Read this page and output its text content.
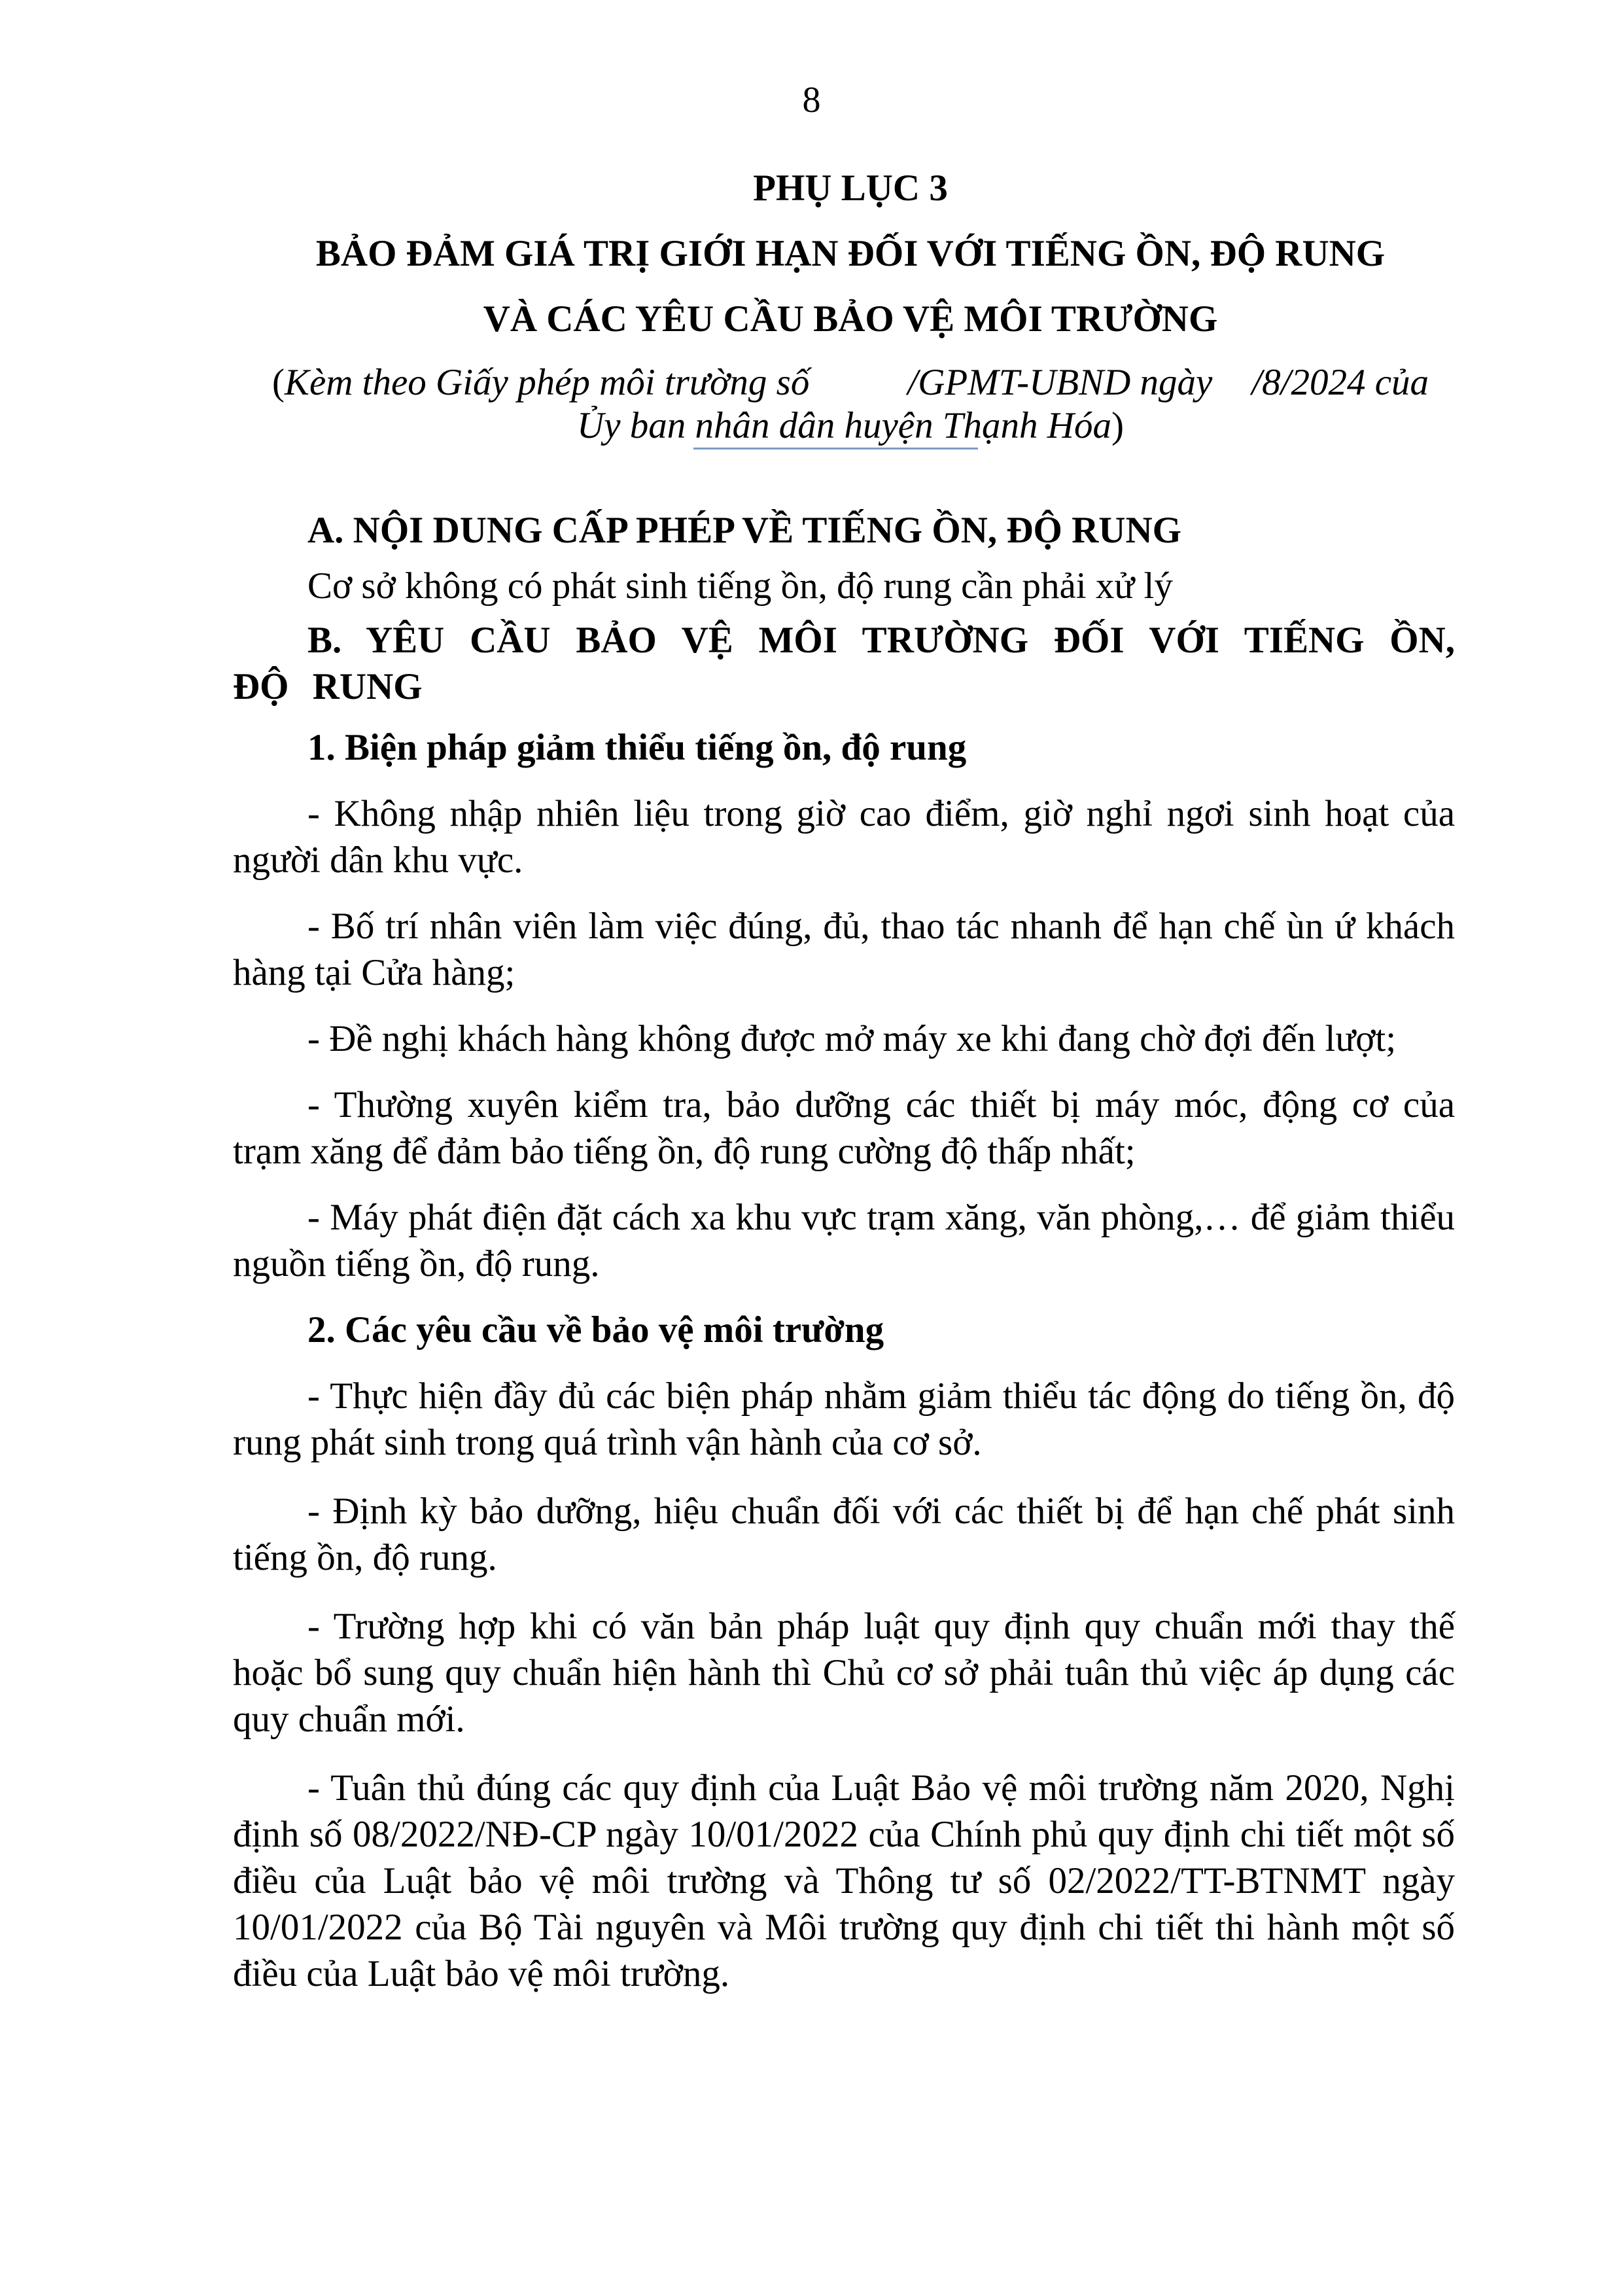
8
PHỤ LỤC 3
BẢO ĐẢM GIÁ TRỊ GIỚI HẠN ĐỐI VỚI TIẾNG ỒN, ĐỘ RUNG
VÀ CÁC YÊU CẦU BẢO VỆ MÔI TRƯỜNG
(Kèm theo Giấy phép môi trường số	/GPMT-UBND ngày /8/2024 của
Ủy ban nhân dân huyện Thạnh Hóa)

A. NỘI DUNG CẤP PHÉP VỀ TIẾNG ỒN, ĐỘ RUNG

Cơ sở không có phát sinh tiếng ồn, độ rung cần phải xử lý

B. YÊU CẦU BẢO VỆ MÔI TRƯỜNG ĐỐI VỚI TIẾNG ỒN, ĐỘ RUNG

1. Biện pháp giảm thiểu tiếng ồn, độ rung

- Không nhập nhiên liệu trong giờ cao điểm, giờ nghỉ ngơi sinh hoạt của người dân khu vực.

- Bố trí nhân viên làm việc đúng, đủ, thao tác nhanh để hạn chế ùn ứ khách hàng tại Cửa hàng;

- Đề nghị khách hàng không được mở máy xe khi đang chờ đợi đến lượt;

- Thường xuyên kiểm tra, bảo dưỡng các thiết bị máy móc, động cơ của trạm xăng để đảm bảo tiếng ồn, độ rung cường độ thấp nhất;

- Máy phát điện đặt cách xa khu vực trạm xăng, văn phòng,… để giảm thiểu nguồn tiếng ồn, độ rung.

2. Các yêu cầu về bảo vệ môi trường

- Thực hiện đầy đủ các biện pháp nhằm giảm thiểu tác động do tiếng ồn, độ rung phát sinh trong quá trình vận hành của cơ sở.

- Định kỳ bảo dưỡng, hiệu chuẩn đối với các thiết bị để hạn chế phát sinh tiếng ồn, độ rung.

- Trường hợp khi có văn bản pháp luật quy định quy chuẩn mới thay thế hoặc bổ sung quy chuẩn hiện hành thì Chủ cơ sở phải tuân thủ việc áp dụng các quy chuẩn mới.

- Tuân thủ đúng các quy định của Luật Bảo vệ môi trường năm 2020, Nghị định số 08/2022/NĐ-CP ngày 10/01/2022 của Chính phủ quy định chi tiết một số điều của Luật bảo vệ môi trường và Thông tư số 02/2022/TT-BTNMT ngày 10/01/2022 của Bộ Tài nguyên và Môi trường quy định chi tiết thi hành một số điều của Luật bảo vệ môi trường.
